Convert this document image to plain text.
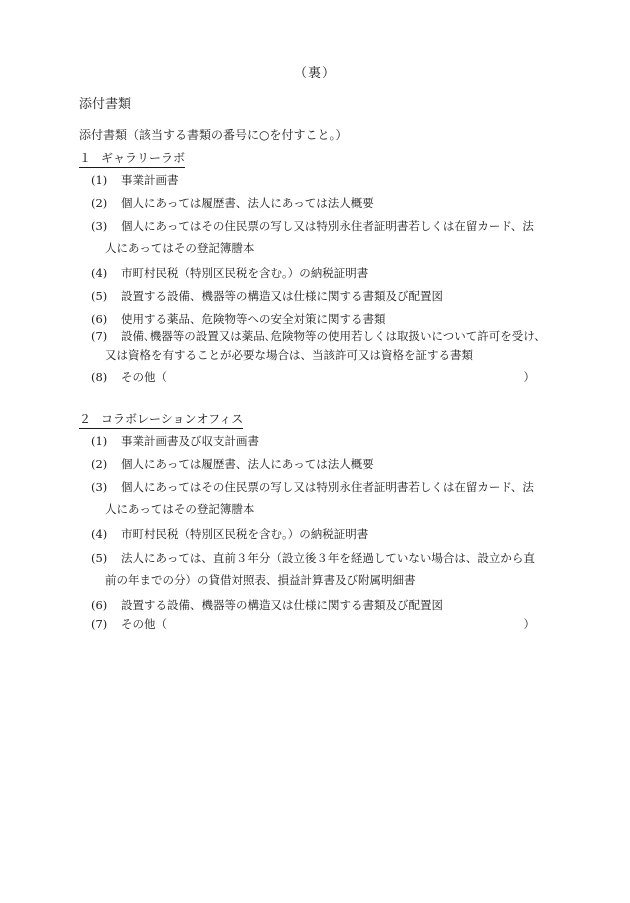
（裏）
添付書類
添付書類（該当する書類の番号に○を付すこと。）
１ ギャラリーラボ
(1)	事業計画書
(2)	個人にあっては履歴書、法人にあっては法人概要
(3)	個人にあってはその住民票の写し又は特別永住者証明書若しくは在留カード、法
人にあってはその登記簿謄本
(4)	市町村民税（特別区民税を含む。）の納税証明書
(5)	設置する設備、機器等の構造又は仕様に関する書類及び配置図
(6)	使用する薬品、危険物等への安全対策に関する書類
(7)	設備､機器等の設置又は薬品､危険物等の使用若しくは取扱いについて許可を受け、
又は資格を有することが必要な場合は、当該許可又は資格を証する書類
(8)	その他（	）
２ コラボレーションオフィス
(1)	事業計画書及び収支計画書
(2)	個人にあっては履歴書、法人にあっては法人概要
(3)	個人にあってはその住民票の写し又は特別永住者証明書若しくは在留カード、法
人にあってはその登記簿謄本
(4)	市町村民税（特別区民税を含む。）の納税証明書
(5)	法人にあっては、直前３年分（設立後３年を経過していない場合は、設立から直
前の年までの分）の貸借対照表、損益計算書及び附属明細書
(6)	設置する設備、機器等の構造又は仕様に関する書類及び配置図
(7)	その他（	）
